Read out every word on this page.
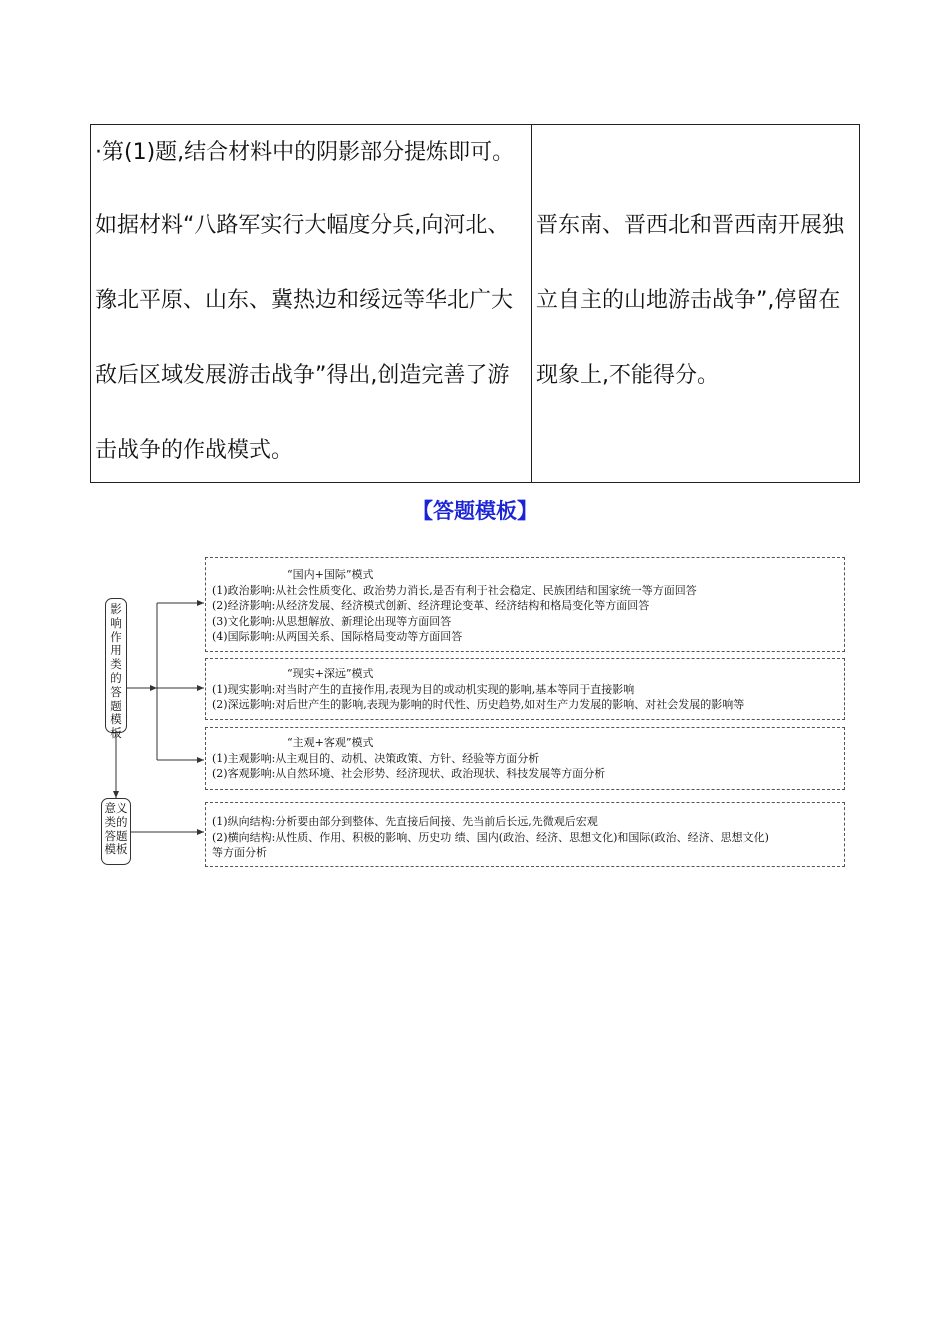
·第(1)题,结合材料中的阴影部分提炼即可。
如据材料“八路军实行大幅度分兵,向河北、
豫北平原、山东、冀热边和绥远等华北广大
敌后区域发展游击战争”得出,创造完善了游
击战争的作战模式。
晋东南、晋西北和晋西南开展独
立自主的山地游击战争”,停留在
现象上,不能得分。
【答题模板】
影
响
作
用
类
的
答
题
模
板
意义
类的
答题
模板
“国内+国际”模式
(1)政治影响:从社会性质变化、政治势力消长,是否有利于社会稳定、民族团结和国家统一等方面回答
(2)经济影响:从经济发展、经济模式创新、经济理论变革、经济结构和格局变化等方面回答
(3)文化影响:从思想解放、新理论出现等方面回答
(4)国际影响:从两国关系、国际格局变动等方面回答
“现实+深远”模式
(1)现实影响:对当时产生的直接作用,表现为目的或动机实现的影响,基本等同于直接影响
(2)深远影响:对后世产生的影响,表现为影响的时代性、历史趋势,如对生产力发展的影响、对社会发展的影响等
“主观+客观”模式
(1)主观影响:从主观目的、动机、决策政策、方针、经验等方面分析
(2)客观影响:从自然环境、社会形势、经济现状、政治现状、科技发展等方面分析
(1)纵向结构:分析要由部分到整体、先直接后间接、先当前后长远,先微观后宏观
(2)横向结构:从性质、作用、积极的影响、历史功 绩、国内(政治、经济、思想文化)和国际(政治、经济、思想文化)
等方面分析
